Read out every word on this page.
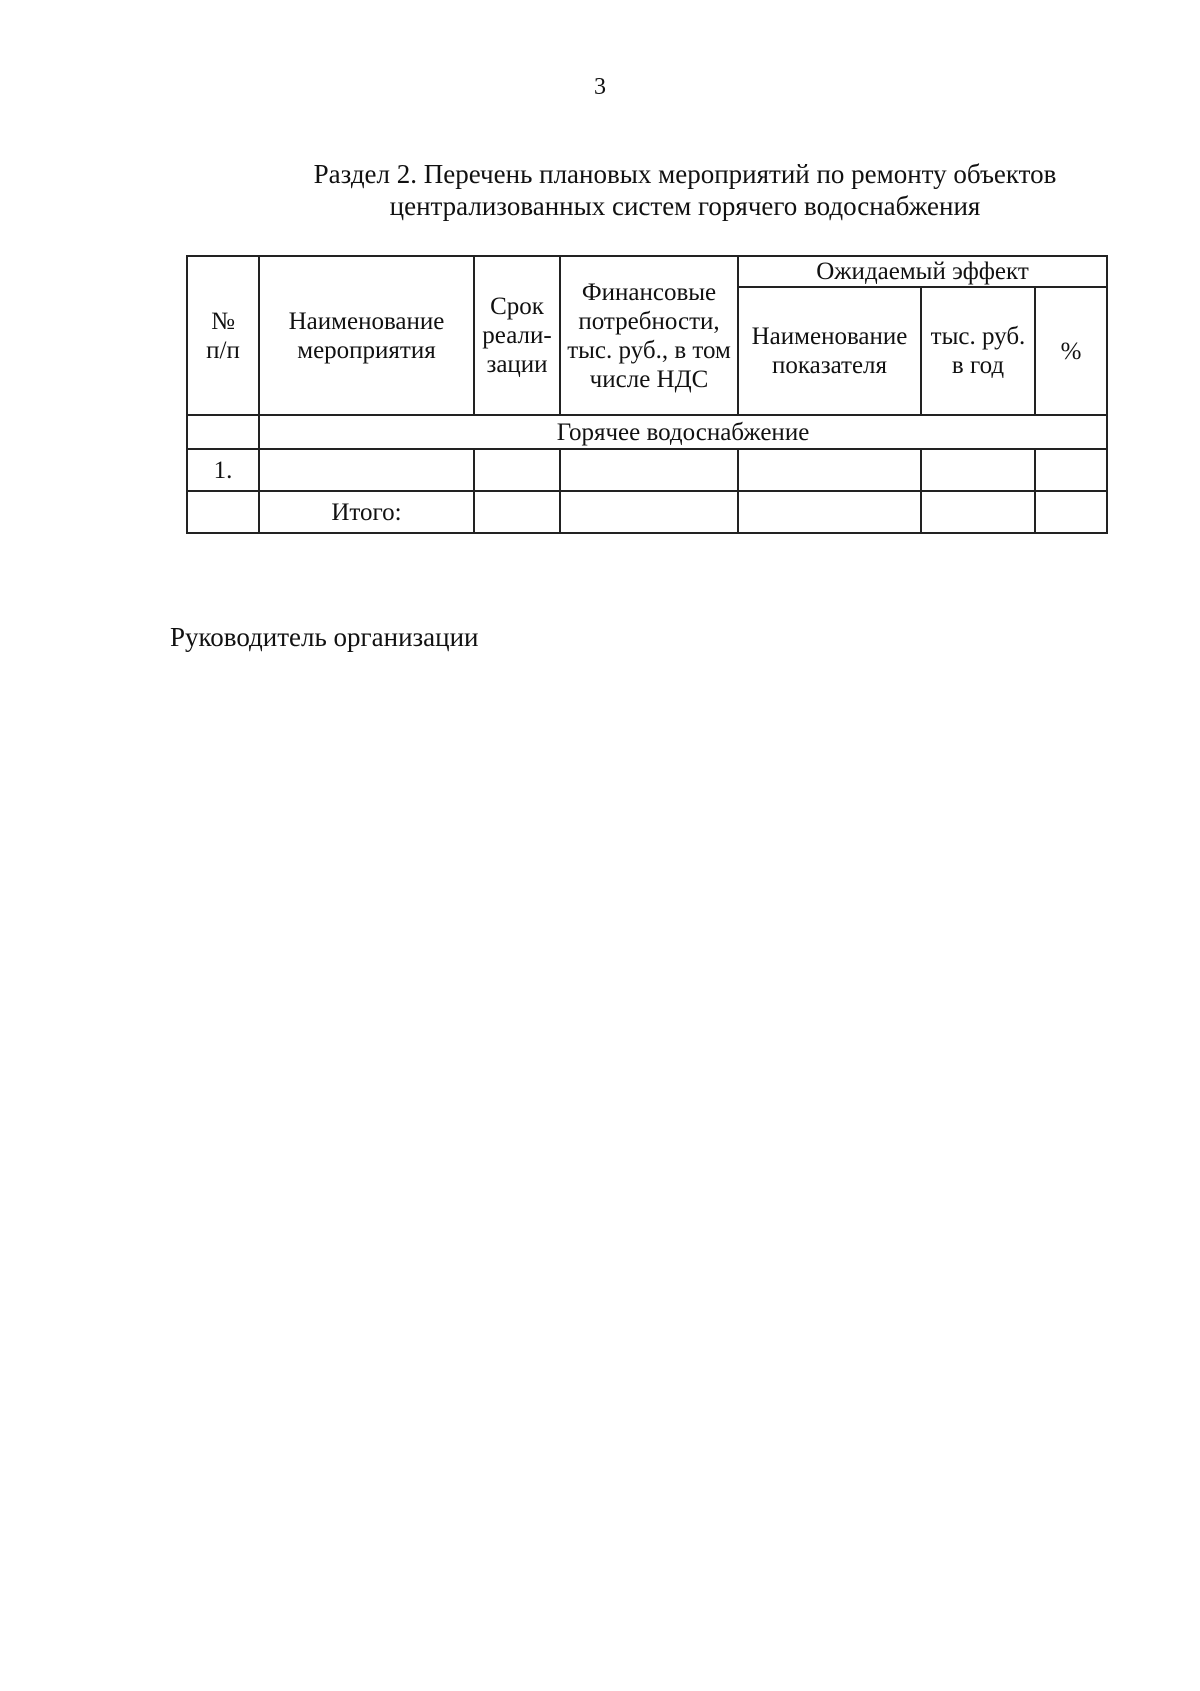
3
Раздел 2. Перечень плановых мероприятий по ремонту объектов
централизованных систем горячего водоснабжения
№ п/п	Наименование мероприятия	Срок реали-зации	Финансовые потребности, тыс. руб., в том числе НДС	Ожидаемый эффект		
				Наименование показателя	тыс. руб. в год	%
	Горячее водоснабжение					
1.						
	Итого:					
Руководитель организации
